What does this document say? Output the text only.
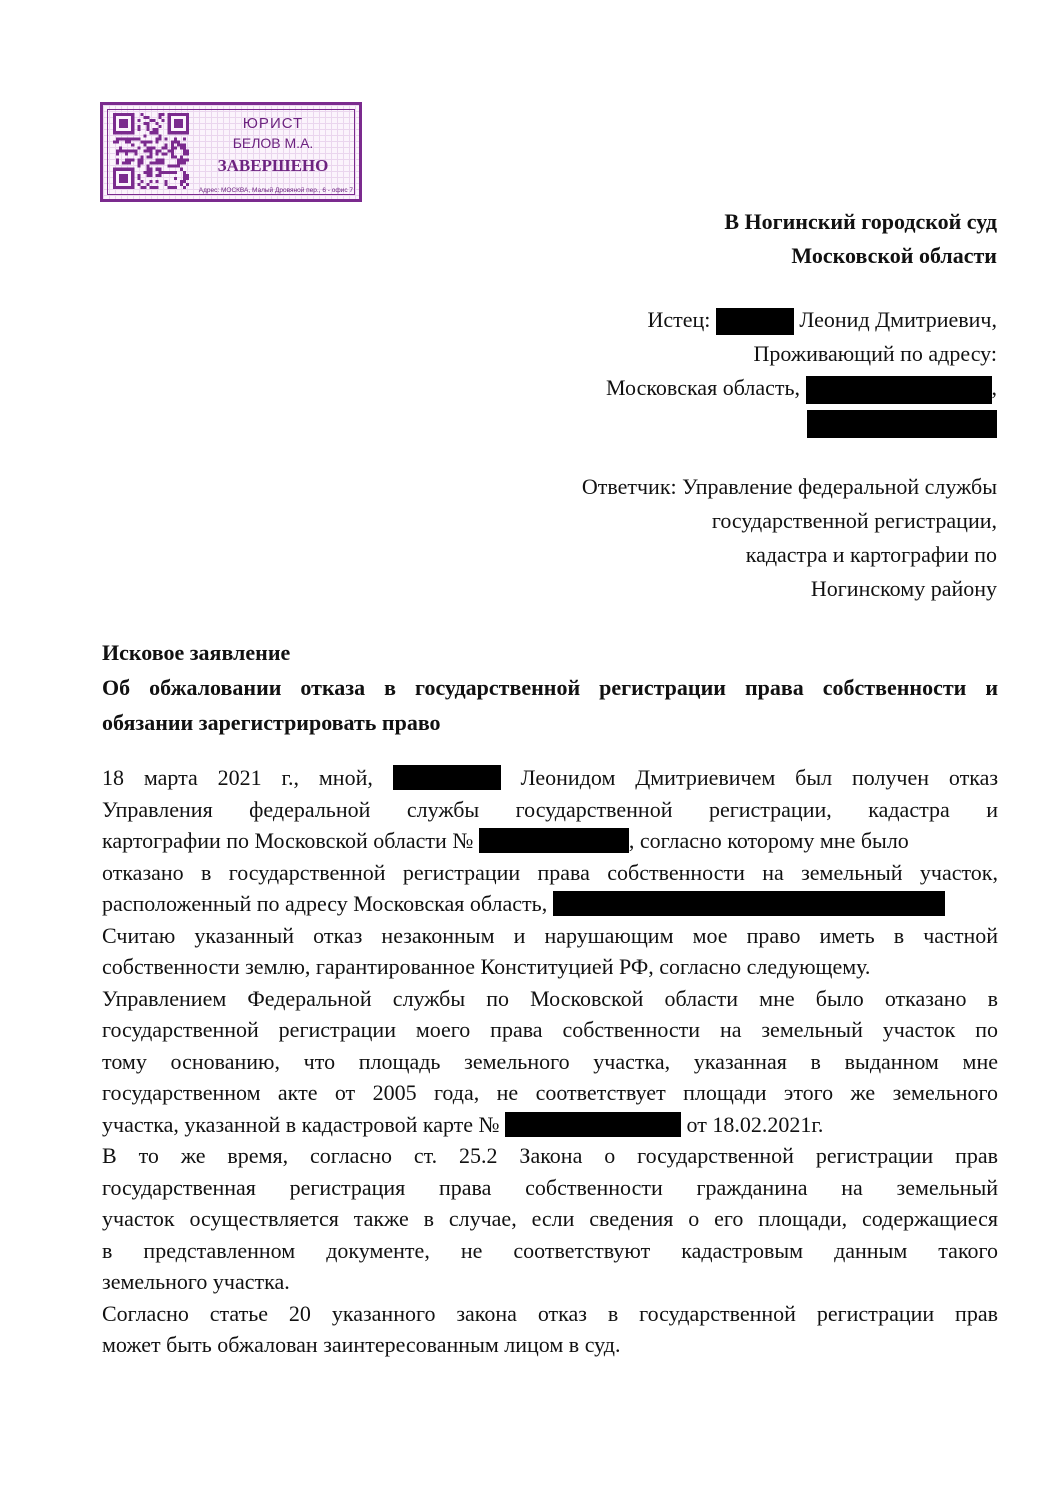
ЮРИСТ
БЕЛОВ М.А.
ЗАВЕРШЕНО
Адрес: МОСКВА, Малый Дровяной пер., 6 - офис 7
В Ногинский городской суд
Московской области
Истец:	Леонид Дмитриевич,
Проживающий по адресу:
Московская область,	,
Ответчик: Управление федеральной службы
государственной регистрации,
кадастра и картографии по
Ногинскому району
Исковое заявление
Об обжаловании отказа в государственной регистрации права собственности и
обязании зарегистрировать право
18 марта 2021 г., мной,	Леонидом Дмитриевичем был получен отказ
Управления федеральной службы государственной регистрации, кадастра и
картографии по Московской области №	, согласно которому мне было
отказано в государственной регистрации права собственности на земельный участок,
расположенный по адресу Московская область,
Считаю указанный отказ незаконным и нарушающим мое право иметь в частной
собственности землю, гарантированное Конституцией РФ, согласно следующему.
Управлением Федеральной службы по Московской области мне было отказано в
государственной регистрации моего права собственности на земельный участок по
тому основанию, что площадь земельного участка, указанная в выданном мне
государственном акте от 2005 года, не соответствует площади этого же земельного
участка, указанной в кадастровой карте №	от 18.02.2021г.
В то же время, согласно ст. 25.2 Закона о государственной регистрации прав
государственная регистрация права собственности гражданина на земельный
участок осуществляется также в случае, если сведения о его площади, содержащиеся
в представленном документе, не соответствуют кадастровым данным такого
земельного участка.
Согласно статье 20 указанного закона отказ в государственной регистрации прав
может быть обжалован заинтересованным лицом в суд.
